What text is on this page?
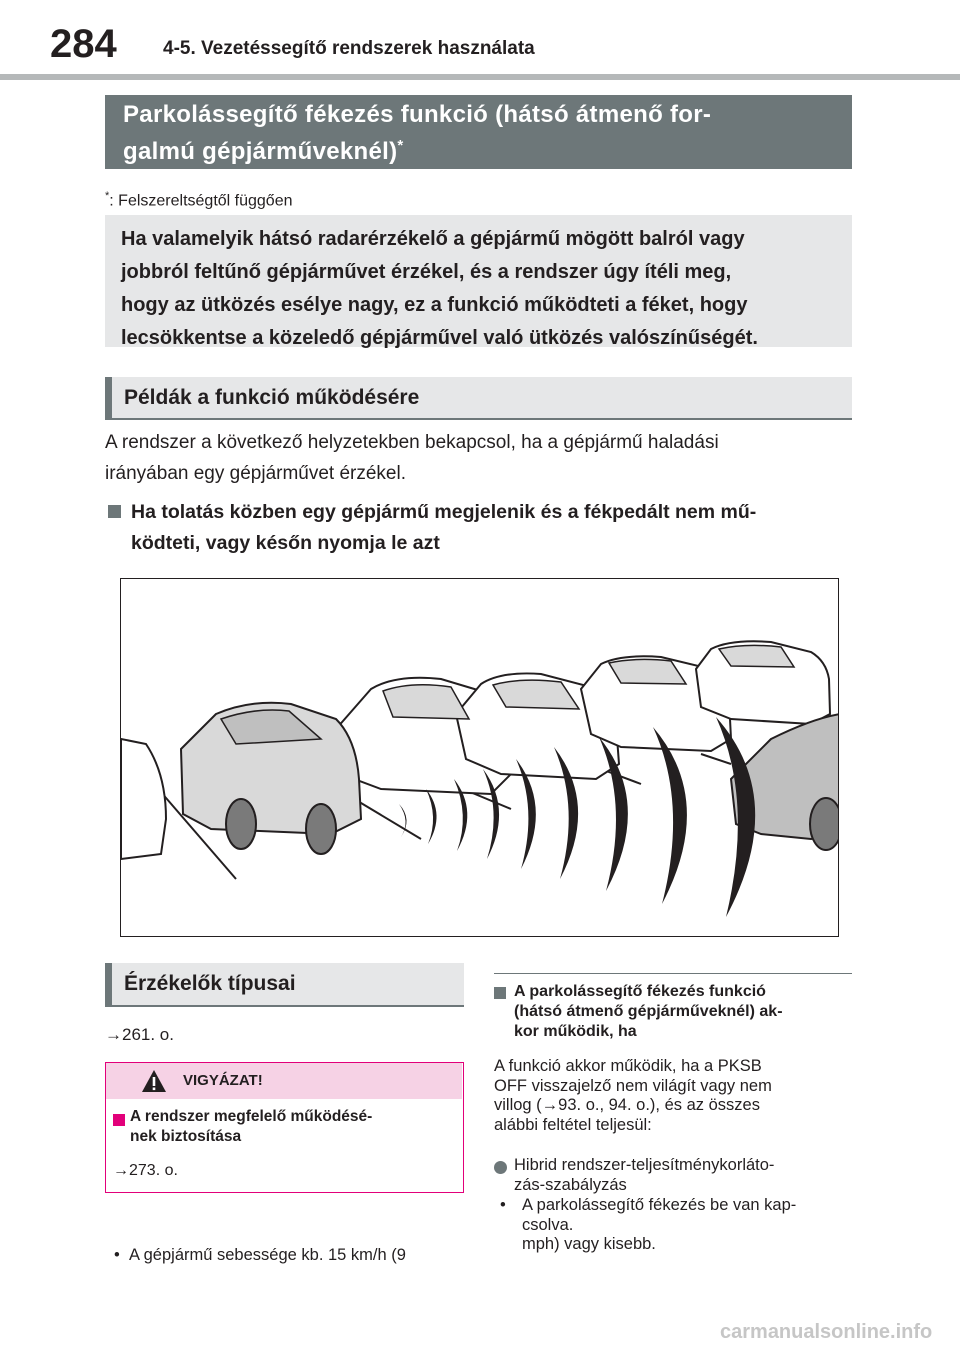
284 4-5. Vezetéssegítő rendszerek használata
Parkolássegítő fékezés funkció (hátsó átmenő for-
galmú gépjárműveknél)*
*: Felszereltségtől függően
Ha valamelyik hátsó radarérzékelő a gépjármű mögött balról vagy
jobbról feltűnő gépjárművet érzékel, és a rendszer úgy ítéli meg,
hogy az ütközés esélye nagy, ez a funkció működteti a féket, hogy
lecsökkentse a közeledő gépjárművel való ütközés valószínűségét.
Példák a funkció működésére
A rendszer a következő helyzetekben bekapcsol, ha a gépjármű haladási
irányában egy gépjárművet érzékel.
Ha tolatás közben egy gépjármű megjelenik és a fékpedált nem mű-
ködteti, vagy későn nyomja le azt
Érzékelők típusai
→261. o.
VIGYÁZAT!
A rendszer megfelelő működésé-
nek biztosítása
→273. o.
• A gépjármű sebessége kb. 15 km/h (9
A parkolássegítő fékezés funkció
(hátsó átmenő gépjárműveknél) ak-
kor működik, ha
A funkció akkor működik, ha a PKSB
OFF visszajelző nem világít vagy nem
villog (→93. o., 94. o.), és az összes
alábbi feltétel teljesül:
Hibrid rendszer-teljesítménykorláto-
zás-szabályzás
• A parkolássegítő fékezés be van kap-
csolva.
mph) vagy kisebb.
carmanualsonline.info
